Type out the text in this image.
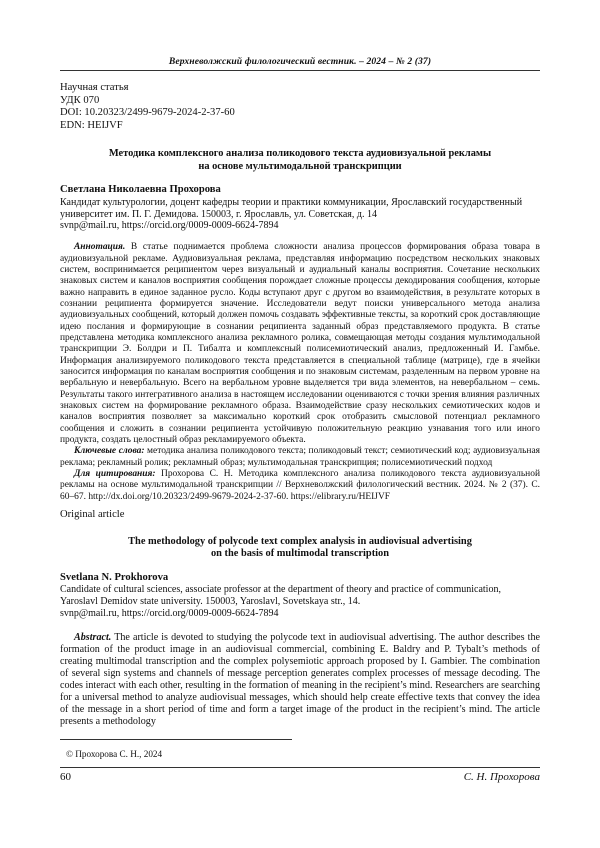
Верхневолжский филологический вестник. – 2024 – № 2 (37)
Научная статья
УДК 070
DOI: 10.20323/2499-9679-2024-2-37-60
EDN: HEIJVF
Методика комплексного анализа поликодового текста аудиовизуальной рекламы
на основе мультимодальной транскрипции
Светлана Николаевна Прохорова
Кандидат культурологии, доцент кафедры теории и практики коммуникации, Ярославский государственный университет им. П. Г. Демидова. 150003, г. Ярославль, ул. Советская, д. 14
svnp@mail.ru, https://orcid.org/0009-0009-6624-7894
Аннотация. В статье поднимается проблема сложности анализа процессов формирования образа товара в аудиовизуальной рекламе. Аудиовизуальная реклама, представляя информацию посредством нескольких знаковых систем, воспринимается реципиентом через визуальный и аудиальный каналы восприятия. Сочетание нескольких знаковых систем и каналов восприятия сообщения порождает сложные процессы декодирования сообщения, которые важно направить в единое заданное русло. Коды вступают друг с другом во взаимодействия, в результате которых в сознании реципиента формируется значение. Исследователи ведут поиски универсального метода анализа аудиовизуальных сообщений, который должен помочь создавать эффективные тексты, за короткий срок доставляющие идею послания и формирующие в сознании реципиента заданный образ представляемого продукта. В статье представлена методика комплексного анализа рекламного ролика, совмещающая методы создания мультимодальной транскрипции Э. Болдри и П. Тибалта и комплексный полисемиотический анализ, предложенный И. Гамбье. Информация анализируемого поликодового текста представляется в специальной таблице (матрице), где в ячейки заносится информация по каналам восприятия сообщения и по знаковым системам, разделенным на первом уровне на вербальную и невербальную. Всего на вербальном уровне выделяется три вида элементов, на невербальном – семь. Результаты такого интегративного анализа в настоящем исследовании оцениваются с точки зрения влияния различных знаковых систем на формирование рекламного образа. Взаимодействие сразу нескольких семиотических кодов и каналов восприятия позволяет за максимально короткий срок отобразить смысловой потенциал рекламного сообщения и сложить в сознании реципиента устойчивую положительную реакцию узнавания того или иного продукта, создать целостный образ рекламируемого объекта.
Ключевые слова: методика анализа поликодового текста; поликодовый текст; семиотический код; аудиовизуальная реклама; рекламный ролик; рекламный образ; мультимодальная транскрипция; полисемиотический подход
Для цитирования: Прохорова С. Н. Методика комплексного анализа поликодового текста аудиовизуальной рекламы на основе мультимодальной транскрипции // Верхневолжский филологический вестник. 2024. № 2 (37). С. 60–67. http://dx.doi.org/10.20323/2499-9679-2024-2-37-60. https://elibrary.ru/HEIJVF
Original article
The methodology of polycode text complex analysis in audiovisual advertising
on the basis of multimodal transcription
Svetlana N. Prokhorova
Candidate of cultural sciences, associate professor at the department of theory and practice of communication, Yaroslavl Demidov state university. 150003, Yaroslavl, Sovetskaya str., 14.
svnp@mail.ru, https://orcid.org/0009-0009-6624-7894
Abstract. The article is devoted to studying the polycode text in audiovisual advertising. The author describes the formation of the product image in an audiovisual commercial, combining E. Baldry and P. Tybalt’s methods of creating multimodal transcription and the complex polysemiotic approach proposed by I. Gambier. The combination of several sign systems and channels of message perception generates complex processes of message decoding. The codes interact with each other, resulting in the formation of meaning in the recipient’s mind. Researchers are searching for a universal method to analyze audiovisual messages, which should help create effective texts that convey the idea of the message in a short period of time and form a target image of the product in the recipient’s mind. The article presents a methodology
© Прохорова С. Н., 2024
60	С. Н. Прохорова
